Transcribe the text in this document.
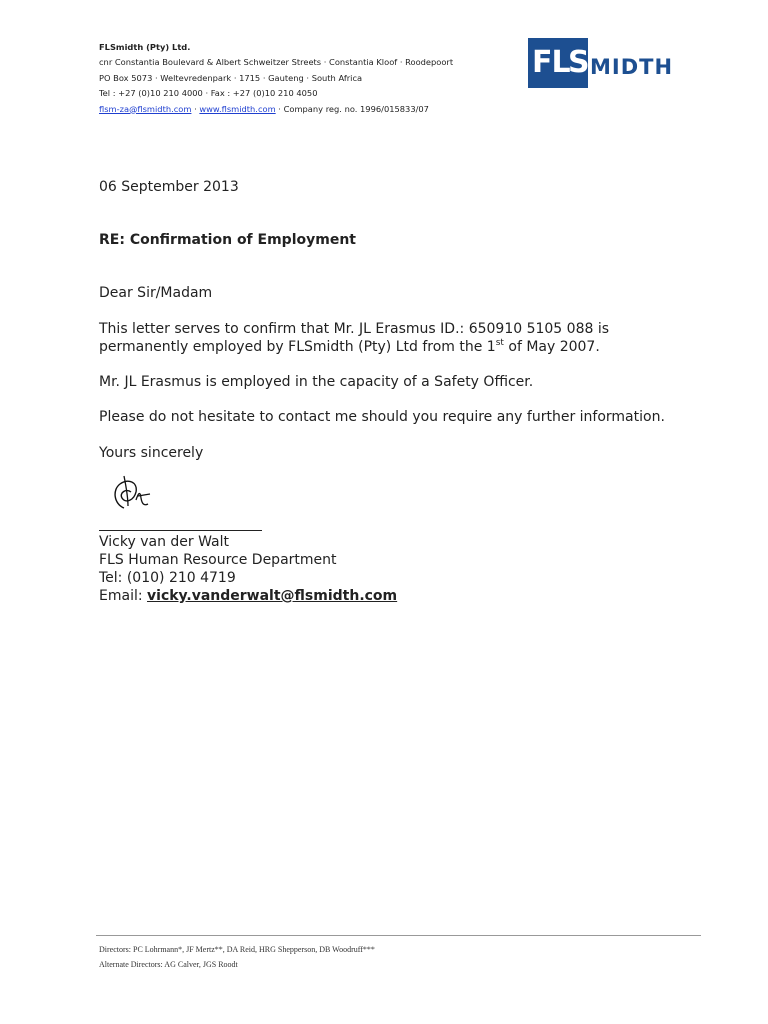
FLSmidth (Pty) Ltd.
cnr Constantia Boulevard & Albert Schweitzer Streets · Constantia Kloof · Roodepoort
PO Box 5073 · Weltevredenpark · 1715 · Gauteng · South Africa
Tel : +27 (0)10 210 4000 · Fax : +27 (0)10 210 4050
flsm-za@flsmidth.com · www.flsmidth.com · Company reg. no. 1996/015833/07
FL
S MIDTH
06 September 2013
RE: Confirmation of Employment
Dear Sir/Madam
This letter serves to confirm that Mr. JL Erasmus ID.: 650910 5105 088 is
permanently employed by FLSmidth (Pty) Ltd from the 1st of May 2007.
Mr. JL Erasmus is employed in the capacity of a Safety Officer.
Please do not hesitate to contact me should you require any further information.
Yours sincerely
Vicky van der Walt
FLS Human Resource Department
Tel: (010) 210 4719
Email: vicky.vanderwalt@flsmidth.com
Directors: PC Lohrmann*, JF Mertz**, DA Reid, HRG Shepperson, DB Woodruff***
Alternate Directors: AG Calver, JGS Roodt
